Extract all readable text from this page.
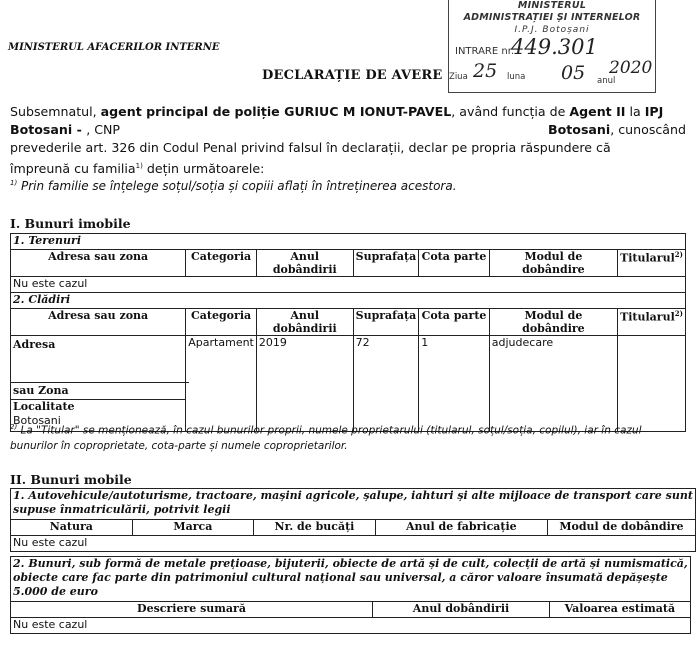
MINISTERUL AFACERILOR INTERNE
DECLARAȚIE DE AVERE
MINISTERUL
ADMINISTRAȚIEI ȘI INTERNELOR
I.P.J. Botoșani
INTRARE nr.
449.301
Ziua 25 luna 05 anul
2020
Subsemnatul, agent principal de poliție GURIUC M IONUT-PAVEL, având funcția de Agent II la IPJ
Botosani - , CNP	Botosani, cunoscând
prevederile art. 326 din Codul Penal privind falsul în declarații, declar pe propria răspundere că
împreună cu familia$^{1)}$ dețin următoarele:
$^{1)}$ Prin familie se înțelege soțul/soția și copiii aflați în întreținerea acestora.
I. Bunuri imobile
1. Terenuri						
Adresa sau zona	Categoria	Anul dobândirii	Suprafața	Cota parte	Modul de dobândire	Titularul$^{2)}$
Nu este cazul						
2. Clădiri						
Adresa sau zona	Categoria	Anul dobândirii	Suprafața	Cota parte	Modul de dobândire	Titularul$^{2)}$

Adresa
sau Zona
Localitate
Botosani	Apartament	2019	72	1	adjudecare	
$^{2)}$ La "Titular" se menționează, în cazul bunurilor proprii, numele proprietarului (titularul, soțul/soția, copilul), iar în cazul
bunurilor în coproprietate, cota-parte și numele coproprietarilor.
II. Bunuri mobile
1. Autovehicule/autoturisme, tractoare, mașini agricole, șalupe, iahturi și alte mijloace de transport care sunt
supuse înmatriculării, potrivit legii

Natura	Marca	Nr. de bucăți	Anul de fabricație	Modul de dobândire
Nu este cazul
2. Bunuri, sub formă de metale prețioase, bijuterii, obiecte de artă și de cult, colecții de artă și numismatică,
obiecte care fac parte din patrimoniul cultural național sau universal, a căror valoare însumată depășește
5.000 de euro

Descriere sumară	Anul dobândirii	Valoarea estimată
Nu este cazul
